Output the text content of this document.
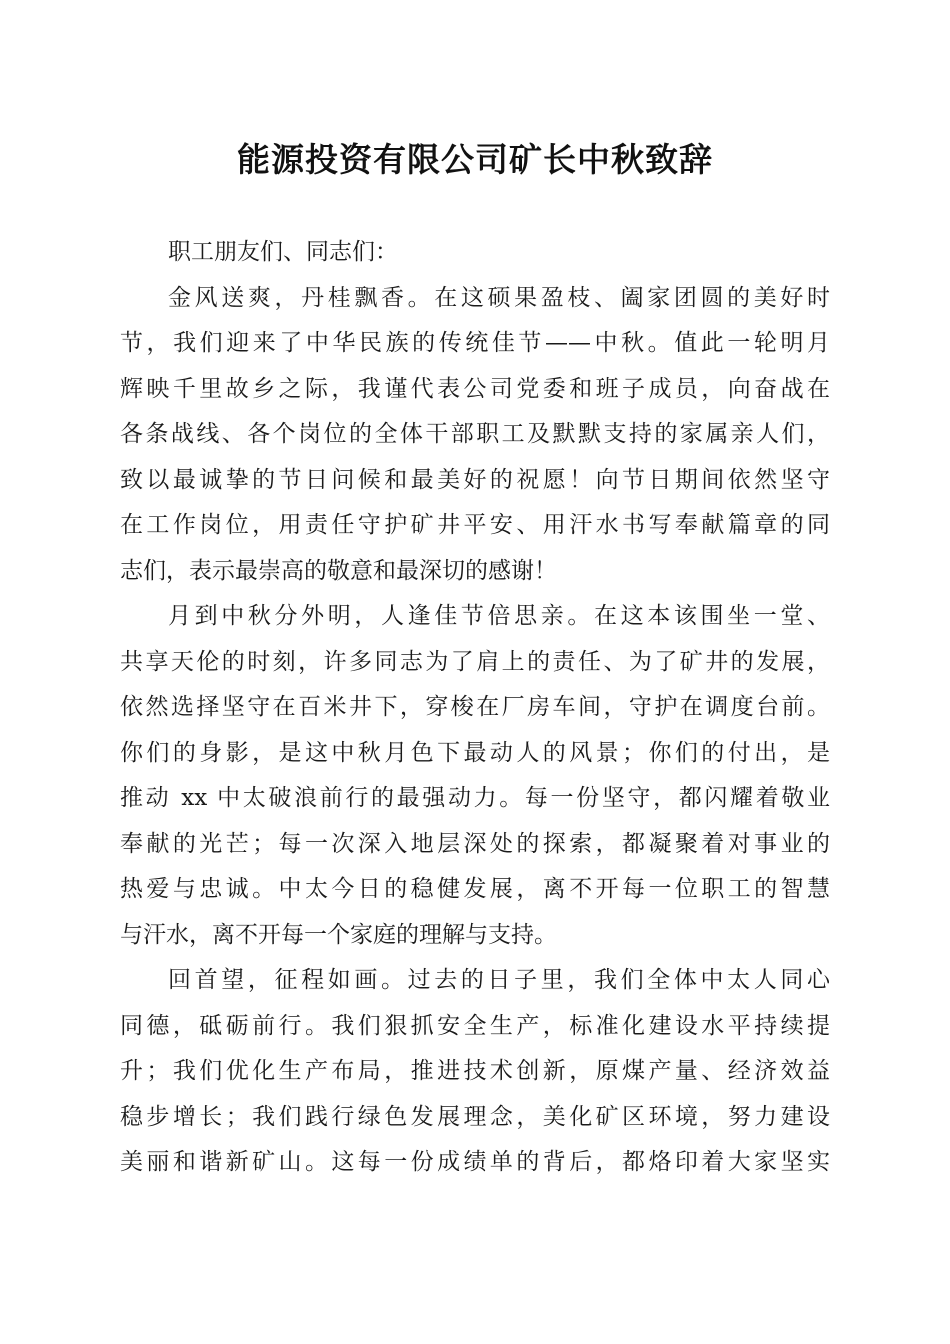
能源投资有限公司矿长中秋致辞

职工朋友们、同志们：

金风送爽，丹桂飘香。在这硕果盈枝、阖家团圆的美好时
节，我们迎来了中华民族的传统佳节——中秋。值此一轮明月
辉映千里故乡之际，我谨代表公司党委和班子成员，向奋战在
各条战线、各个岗位的全体干部职工及默默支持的家属亲人们，
致以最诚挚的节日问候和最美好的祝愿！向节日期间依然坚守
在工作岗位，用责任守护矿井平安、用汗水书写奉献篇章的同
志们，表示最崇高的敬意和最深切的感谢！

月到中秋分外明，人逢佳节倍思亲。在这本该围坐一堂、
共享天伦的时刻，许多同志为了肩上的责任、为了矿井的发展，
依然选择坚守在百米井下，穿梭在厂房车间，守护在调度台前。
你们的身影，是这中秋月色下最动人的风景；你们的付出，是
推动 xx 中太破浪前行的最强动力。每一份坚守，都闪耀着敬业
奉献的光芒；每一次深入地层深处的探索，都凝聚着对事业的
热爱与忠诚。中太今日的稳健发展，离不开每一位职工的智慧
与汗水，离不开每一个家庭的理解与支持。

回首望，征程如画。过去的日子里，我们全体中太人同心
同德，砥砺前行。我们狠抓安全生产，标准化建设水平持续提
升；我们优化生产布局，推进技术创新，原煤产量、经济效益
稳步增长；我们践行绿色发展理念，美化矿区环境，努力建设
美丽和谐新矿山。这每一份成绩单的背后，都烙印着大家坚实
